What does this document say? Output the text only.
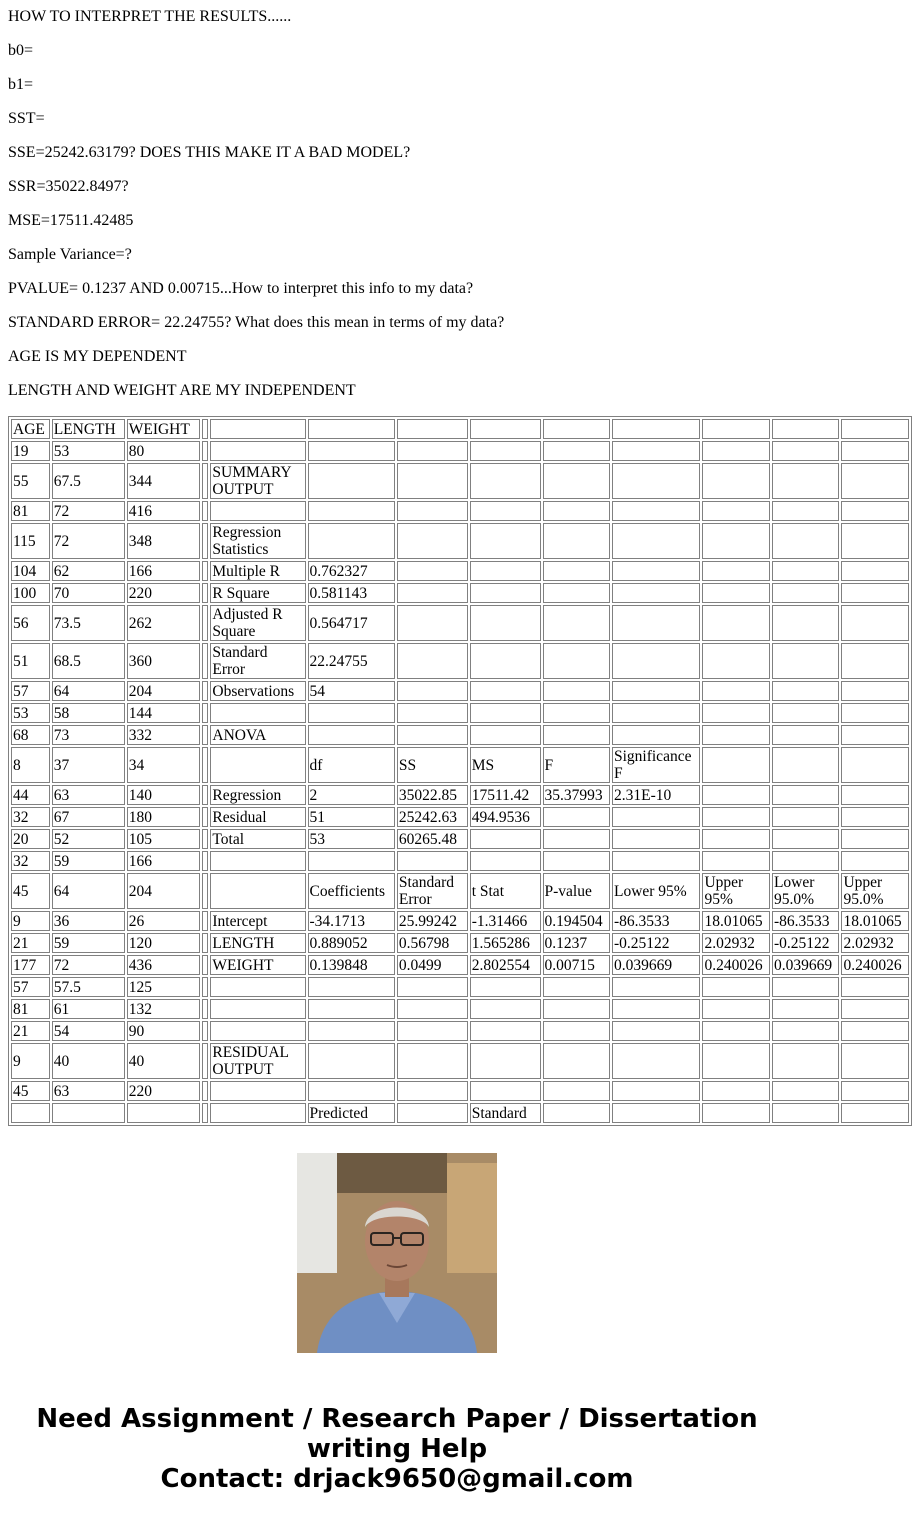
HOW TO INTERPRET THE RESULTS......

b0=

b1=

SST=

SSE=25242.63179? DOES THIS MAKE IT A BAD MODEL?

SSR=35022.8497?

MSE=17511.42485

Sample Variance=?

PVALUE= 0.1237 AND 0.00715...How to interpret this info to my data?

STANDARD ERROR= 22.24755? What does this mean in terms of my data?

AGE IS MY DEPENDENT

LENGTH AND WEIGHT ARE MY INDEPENDENT

AGE	LENGTH	WEIGHT										
19	53	80										
55	67.5	344		SUMMARY OUTPUT								
81	72	416										
115	72	348		Regression Statistics								
104	62	166		Multiple R	0.762327							
100	70	220		R Square	0.581143							
56	73.5	262		Adjusted R Square	0.564717							
51	68.5	360		Standard Error	22.24755							
57	64	204		Observations	54							
53	58	144										
68	73	332		ANOVA								
8	37	34			df	SS	MS	F	Significance F			
44	63	140		Regression	2	35022.85	17511.42	35.37993	2.31E-10			
32	67	180		Residual	51	25242.63	494.9536					
20	52	105		Total	53	60265.48						
32	59	166										
45	64	204			Coefficients	Standard Error	t Stat	P-value	Lower 95%	Upper 95%	Lower 95.0%	Upper 95.0%
9	36	26		Intercept	-34.1713	25.99242	-1.31466	0.194504	-86.3533	18.01065	-86.3533	18.01065
21	59	120		LENGTH	0.889052	0.56798	1.565286	0.1237	-0.25122	2.02932	-0.25122	2.02932
177	72	436		WEIGHT	0.139848	0.0499	2.802554	0.00715	0.039669	0.240026	0.039669	0.240026
57	57.5	125										
81	61	132										
21	54	90										
9	40	40		RESIDUAL OUTPUT								
45	63	220										
					Predicted		Standard					
Need Assignment / Research Paper / Dissertation
writing Help
Contact: drjack9650@gmail.com
